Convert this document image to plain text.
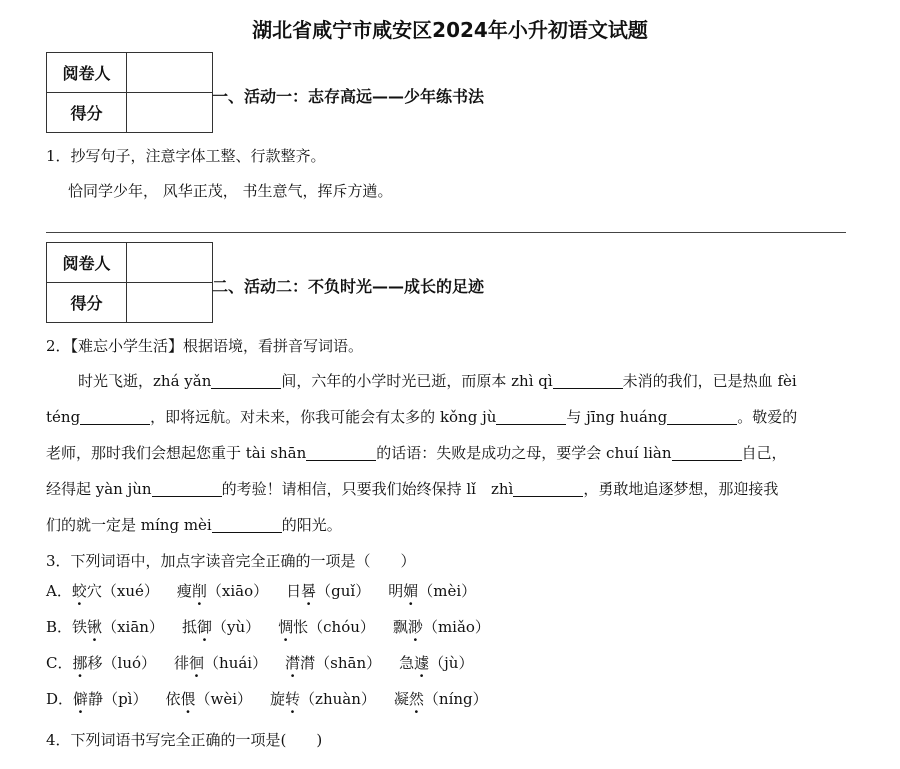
湖北省咸宁市咸安区2024年小升初语文试题
阅卷人	
得分	
一、活动一：志存高远——少年练书法
1．抄写句子，注意字体工整、行款整齐。
恰同学少年， 风华正茂， 书生意气，挥斥方遒。
阅卷人	
得分	
二、活动二：不负时光——成长的足迹
2．【难忘小学生活】根据语境，看拼音写词语。
时光飞逝，zhá yǎn	间，六年的小学时光已逝，而原本 zhì qì	未消的我们，已是热血 fèi
téng	，即将远航。对未来，你我可能会有太多的 kǒng jù	与 jīng huáng	。敬爱的
老师，那时我们会想起您重于 tài shān	的话语：失败是成功之母，要学会 chuí liàn	自己，
经得起 yàn jùn	的考验！请相信，只要我们始终保持 lǐ　zhì	，勇敢地追逐梦想，那迎接我
们的就一定是 míng mèi	的阳光。
3．下列词语中，加点字读音完全正确的一项是（　　）
A．蛟穴（xué） 瘦削（xiāo） 日晷（guǐ） 明媚（mèi）
B．铁锹（xiān） 抵御（yù） 惆怅（chóu） 飘渺（miǎo）
C．挪移（luó） 徘徊（huái） 潸潸（shān） 急遽（jù）
D．僻静（pì） 依偎（wèi） 旋转（zhuàn） 凝然（níng）
4．下列词语书写完全正确的一项是(　　)
